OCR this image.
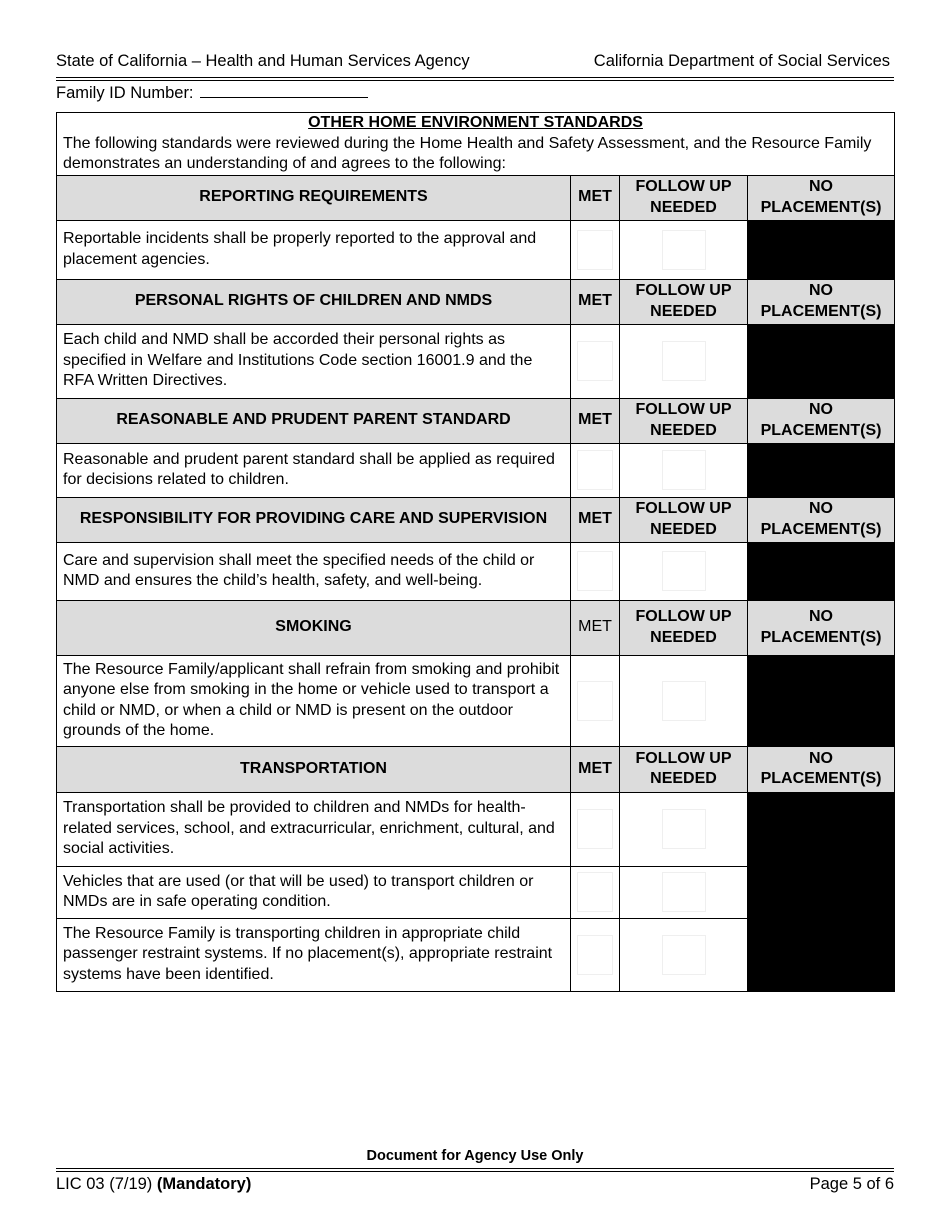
State of California – Health and Human Services Agency	California Department of Social Services
Family ID Number:
OTHER HOME ENVIRONMENT STANDARDS
The following standards were reviewed during the Home Health and Safety Assessment, and the Resource Family demonstrates an understanding of and agrees to the following:			

REPORTING REQUIREMENTS	MET	FOLLOW UP NEEDED	NO PLACEMENT(S)
Reportable incidents shall be properly reported to the approval and placement agencies.	

PERSONAL RIGHTS OF CHILDREN AND NMDS	MET	FOLLOW UP NEEDED	NO PLACEMENT(S)
Each child and NMD shall be accorded their personal rights as specified in Welfare and Institutions Code section 16001.9 and the RFA Written Directives.	

REASONABLE AND PRUDENT PARENT STANDARD	MET	FOLLOW UP NEEDED	NO PLACEMENT(S)
Reasonable and prudent parent standard shall be applied as required for decisions related to children.	

RESPONSIBILITY FOR PROVIDING CARE AND SUPERVISION	MET	FOLLOW UP NEEDED	NO PLACEMENT(S)
Care and supervision shall meet the specified needs of the child or NMD and ensures the child’s health, safety, and well-being.	

SMOKING	MET	FOLLOW UP NEEDED	NO PLACEMENT(S)
The Resource Family/applicant shall refrain from smoking and prohibit anyone else from smoking in the home or vehicle used to transport a child or NMD, or when a child or NMD is present on the outdoor grounds of the home.	

TRANSPORTATION	MET	FOLLOW UP NEEDED	NO PLACEMENT(S)
Transportation shall be provided to children and NMDs for health-related services, school, and extracurricular, enrichment, cultural, and social activities.	

Vehicles that are used (or that will be used) to transport children or NMDs are in safe operating condition.		

The Resource Family is transporting children in appropriate child passenger restraint systems. If no placement(s), appropriate restraint systems have been identified.		

Document for Agency Use Only
LIC 03 (7/19) (Mandatory)	Page 5 of 6
